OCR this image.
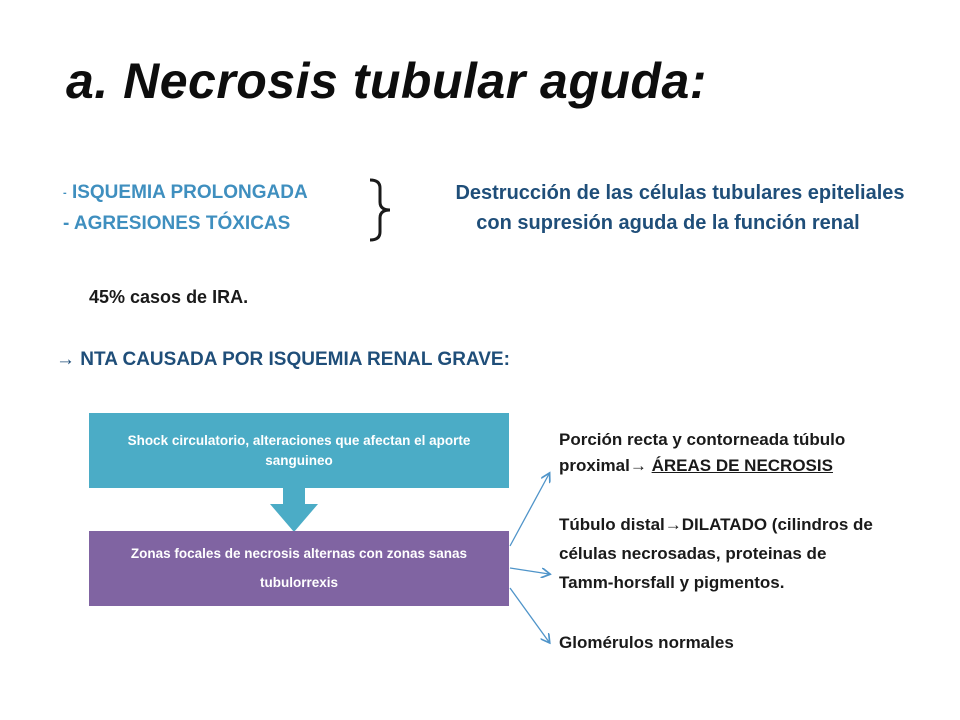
a. Necrosis tubular aguda:
- ISQUEMIA PROLONGADA
- AGRESIONES TÓXICAS
Destrucción de las células tubulares epiteliales
con supresión aguda de la función renal
45% casos de IRA.
→ NTA CAUSADA POR ISQUEMIA RENAL GRAVE:
Shock circulatorio, alteraciones que afectan el aporte sanguineo
Zonas focales de necrosis alternas con zonas sanas
tubulorrexis
Porción recta y contorneada túbulo
proximal→ ÁREAS DE NECROSIS
Túbulo distal→DILATADO (cilindros de
células necrosadas, proteinas de
Tamm-horsfall y pigmentos.
Glomérulos normales
